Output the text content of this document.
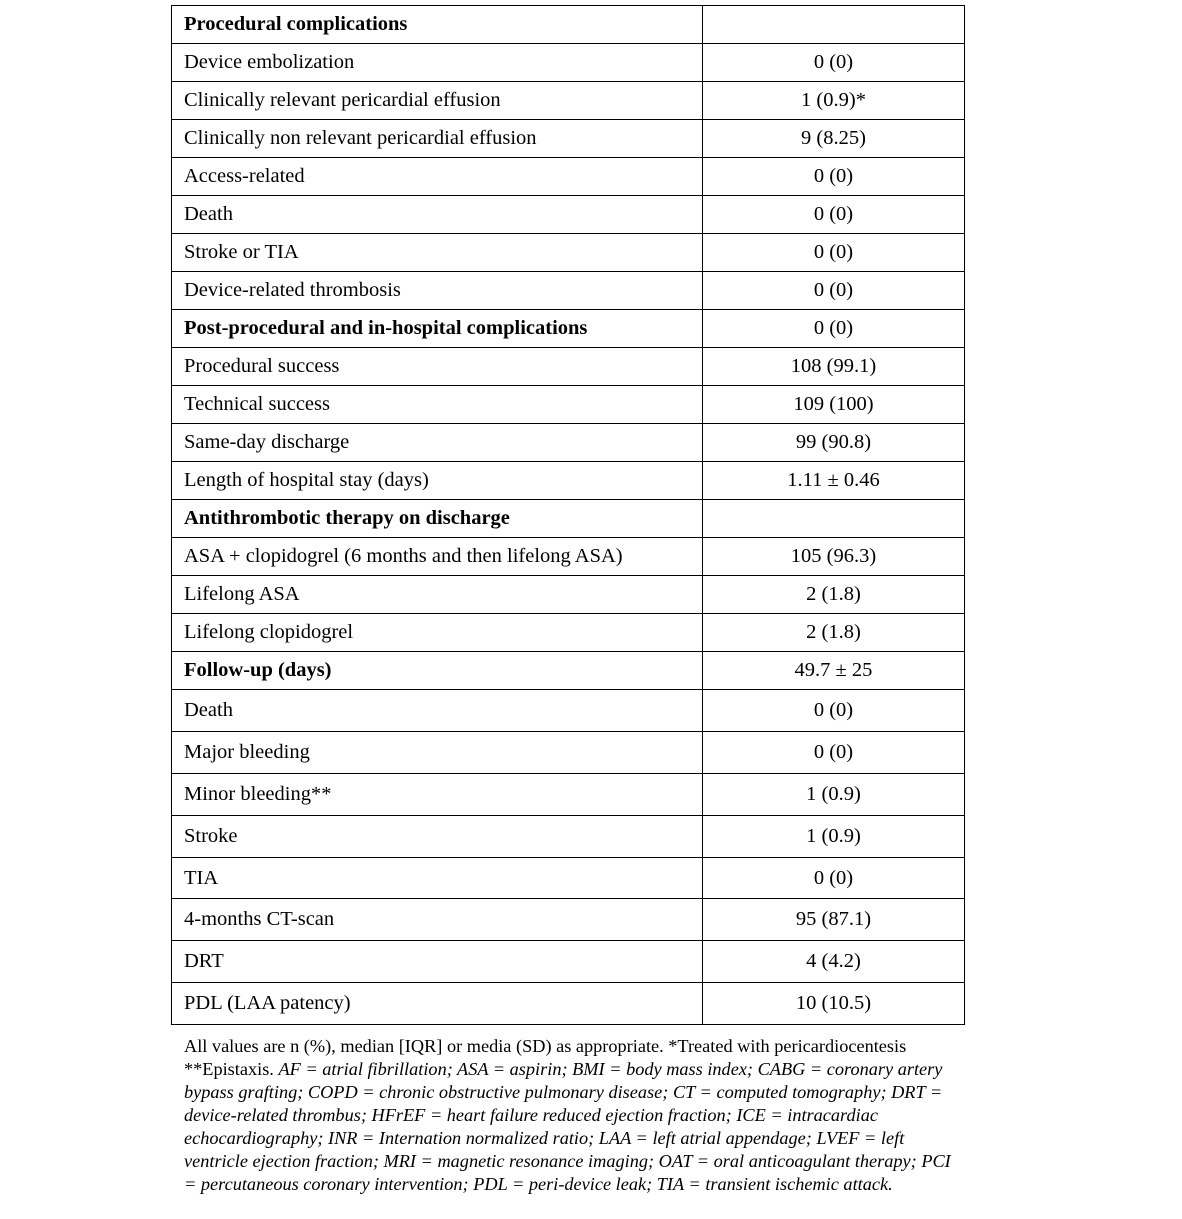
Procedural complications	
Device embolization	0 (0)
Clinically relevant pericardial effusion	1 (0.9)*
Clinically non relevant pericardial effusion	9 (8.25)
Access-related	0 (0)
Death	0 (0)
Stroke or TIA	0 (0)
Device-related thrombosis	0 (0)
Post-procedural and in-hospital complications	0 (0)
Procedural success	108 (99.1)
Technical success	109 (100)
Same-day discharge	99 (90.8)
Length of hospital stay (days)	1.11 ± 0.46
Antithrombotic therapy on discharge	
ASA + clopidogrel (6 months and then lifelong ASA)	105 (96.3)
Lifelong ASA	2 (1.8)
Lifelong clopidogrel	2 (1.8)
Follow-up (days)	49.7 ± 25
Death	0 (0)
Major bleeding	0 (0)
Minor bleeding**	1 (0.9)
Stroke	1 (0.9)
TIA	0 (0)
4-months CT-scan	95 (87.1)
DRT	4 (4.2)
PDL (LAA patency)	10 (10.5)
All values are n (%), median [IQR] or media (SD) as appropriate. *Treated with pericardiocentesis **Epistaxis. AF = atrial fibrillation; ASA = aspirin; BMI = body mass index; CABG = coronary artery bypass grafting; COPD = chronic obstructive pulmonary disease; CT = computed tomography; DRT = device-related thrombus; HFrEF = heart failure reduced ejection fraction; ICE = intracardiac echocardiography; INR = Internation normalized ratio; LAA = left atrial appendage; LVEF = left ventricle ejection fraction; MRI = magnetic resonance imaging; OAT = oral anticoagulant therapy; PCI = percutaneous coronary intervention; PDL = peri-device leak; TIA = transient ischemic attack.
